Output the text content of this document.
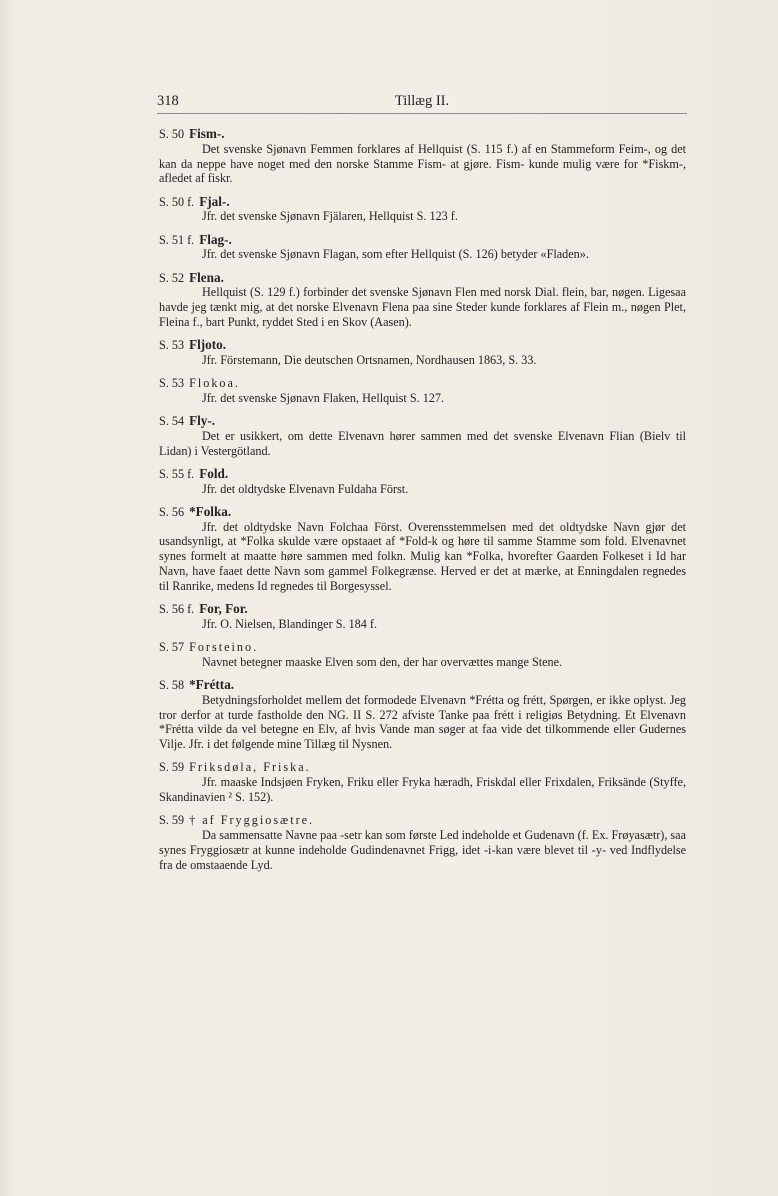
318	Tillæg II.
S. 50 Fism-.

Det svenske Sjønavn Femmen forklares af Hellquist (S. 115 f.) af en Stammeform Feim-, og det kan da neppe have noget med den norske Stamme Fism- at gjøre. Fism- kunde mulig være for *Fiskm-, afledet af fiskr.

S. 50 f. Fjal-.

Jfr. det svenske Sjønavn Fjälaren, Hellquist S. 123 f.

S. 51 f. Flag-.

Jfr. det svenske Sjønavn Flagan, som efter Hellquist (S. 126) betyder «Fladen».

S. 52 Flena.

Hellquist (S. 129 f.) forbinder det svenske Sjønavn Flen med norsk Dial. flein, bar, nøgen. Ligesaa havde jeg tænkt mig, at det norske Elvenavn Flena paa sine Steder kunde forklares af Flein m., nøgen Plet, Fleina f., bart Punkt, ryddet Sted i en Skov (Aasen).

S. 53 Fljoto.

Jfr. Förstemann, Die deutschen Ortsnamen, Nordhausen 1863, S. 33.

S. 53 Flokoa.

Jfr. det svenske Sjønavn Flaken, Hellquist S. 127.

S. 54 Fly-.

Det er usikkert, om dette Elvenavn hører sammen med det svenske Elvenavn Flian (Bielv til Lidan) i Vestergötland.

S. 55 f. Fold.

Jfr. det oldtydske Elvenavn Fuldaha Först.

S. 56 *Folka.

Jfr. det oldtydske Navn Folchaa Först. Overensstemmelsen med det oldtydske Navn gjør det usandsynligt, at *Folka skulde være opstaaet af *Fold-k og høre til samme Stamme som fold. Elvenavnet synes formelt at maatte høre sammen med folkn. Mulig kan *Folka, hvorefter Gaarden Folkeset i Id har Navn, have faaet dette Navn som gammel Folkegrænse. Herved er det at mærke, at Enningdalen regnedes til Ranrike, medens Id regnedes til Borgesyssel.

S. 56 f. For, For.

Jfr. O. Nielsen, Blandinger S. 184 f.

S. 57 Forsteino.

Navnet betegner maaske Elven som den, der har overvættes mange Stene.

S. 58 *Frétta.

Betydningsforholdet mellem det formodede Elvenavn *Frétta og frétt, Spørgen, er ikke oplyst. Jeg tror derfor at turde fastholde den NG. II S. 272 afviste Tanke paa frétt i religiøs Betydning. Et Elvenavn *Frétta vilde da vel betegne en Elv, af hvis Vande man søger at faa vide det tilkommende eller Gudernes Vilje. Jfr. i det følgende mine Tillæg til Nysnen.

S. 59 Friksdøla, Friska.

Jfr. maaske Indsjøen Fryken, Friku eller Fryka hæradh, Friskdal eller Frixdalen, Friksände (Styffe, Skandinavien ² S. 152).

S. 59 † af Fryggiosætre.

Da sammensatte Navne paa -setr kan som første Led indeholde et Gudenavn (f. Ex. Frøyasætr), saa synes Fryggiosætr at kunne indeholde Gudindenavnet Frigg, idet -i-kan være blevet til -y- ved Indflydelse fra de omstaaende Lyd.
